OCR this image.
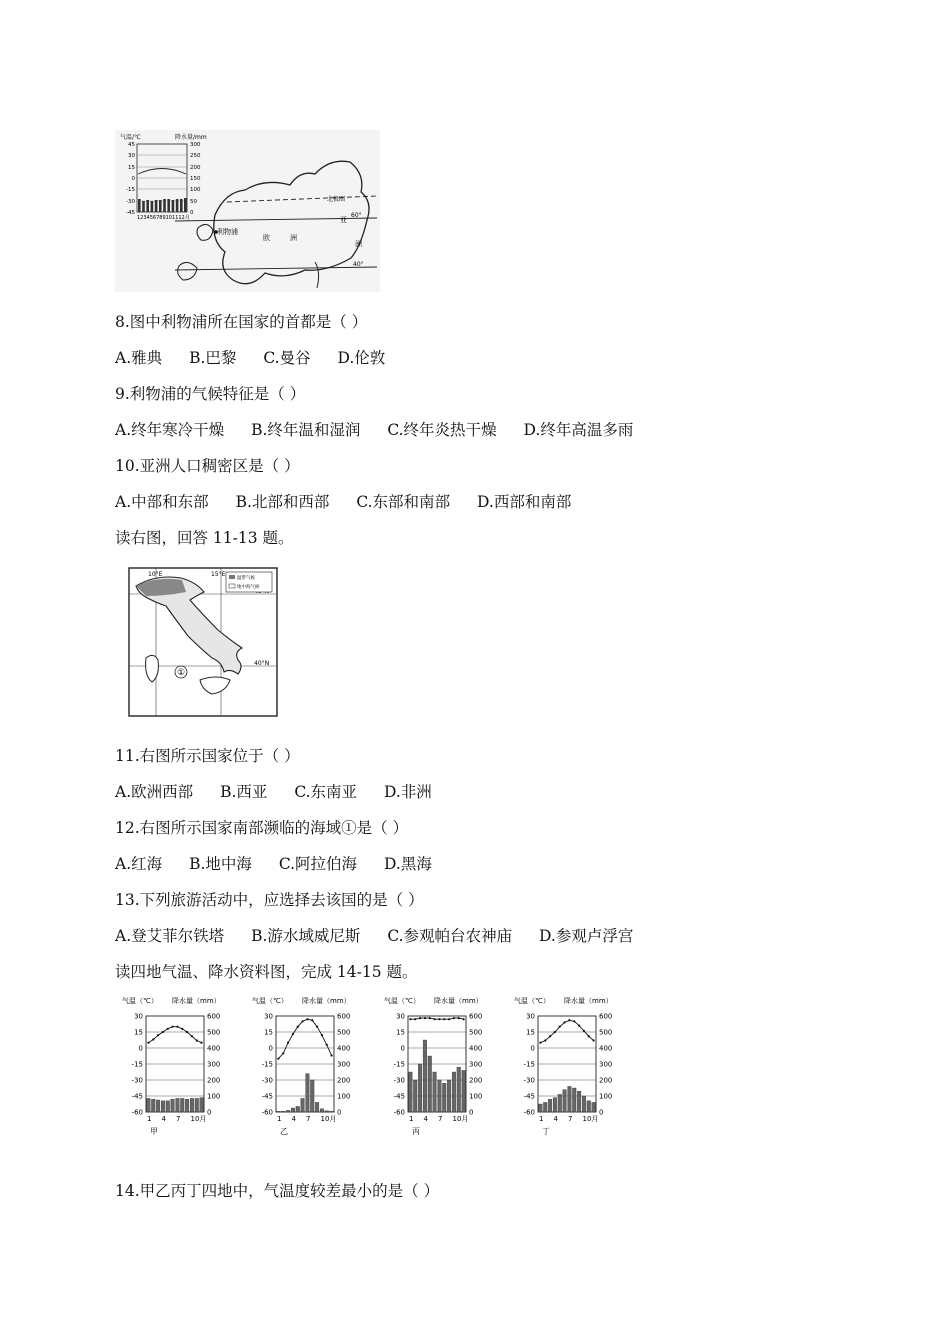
气温/℃	降水量/mm
45
30
15
0
-15
-30
-45
300
250
200
150
100
50
0
123456789101112月
北极圈
60°
40°
利物浦
欧	洲
亚
洲
8.图中利物浦所在国家的首都是（ ）
A.雅典 B.巴黎 C.曼谷 D.伦敦
9.利物浦的气候特征是（ ）
A.终年寒冷干燥 B.终年温和湿润 C.终年炎热干燥 D.终年高温多雨
10.亚洲人口稠密区是（ ）
A.中部和东部 B.北部和西部 C.东部和南部 D.西部和南部
读右图，回答 11-13 题。
10°E	15°E
40°N
温带气候
地中海气候
①
11.右图所示国家位于（ ）
A.欧洲西部 B.西亚 C.东南亚 D.非洲
12.右图所示国家南部濒临的海域①是（ ）
A.红海 B.地中海 C.阿拉伯海 D.黑海
13.下列旅游活动中，应选择去该国的是（ ）
A.登艾菲尔铁塔 B.游水域威尼斯 C.参观帕台农神庙 D.参观卢浮宫
读四地气温、降水资料图，完成 14-15 题。
气温（℃） 降水量（mm）
30	600
15	500
0	400
-15	300
-30	200
-45	100
-60	0
1 4 7 10月
甲
气温（℃） 降水量（mm）
30	600
15	500
0	400
-15	300
-30	200
-45	100
-60	0
1 4 7 10月
乙
气温（℃） 降水量（mm）
30	600
15	500
0	400
-15	300
-30	200
-45	100
-60	0
1 4 7 10月
丙
气温（℃） 降水量（mm）
30	600
15	500
0	400
-15	300
-30	200
-45	100
-60	0
1 4 7 10月
丁
14.甲乙丙丁四地中，气温度较差最小的是（ ）
